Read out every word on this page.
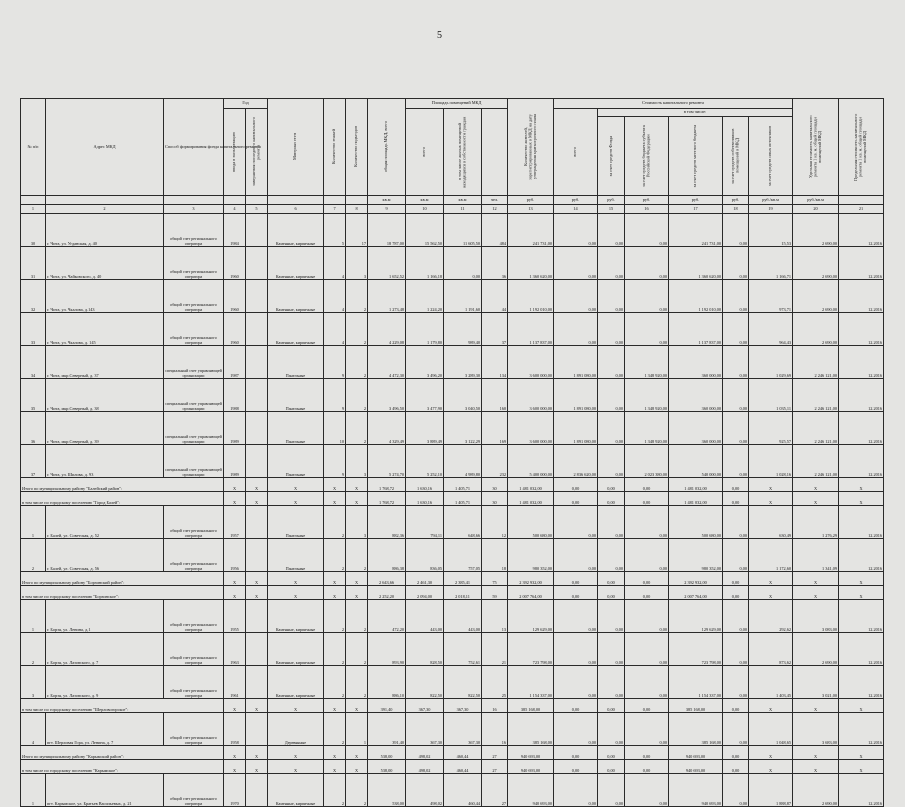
5
№ п/п	Адрес МКД	Способ формирования фонда капитального ремонта	Год		Материал стен	Количество этажей	Количество подъездов	общая площадь МКД, всего	Площадь помещений МКД			Количество жителей, зарегистрированных в МКД на дату утверждения краткосрочного плана	Стоимость капитального ремонта						Удельная стоимость капитального ремонта 1 кв. м. общей площади помещений МКД	Предельная стоимость капитального ремонта 1 кв. м. общей площади помещений МКД

			ввода в эксплуатацию	завершения последнего капитального ремонта					всего	в том числе жилых помещений находящихся в собственности граждан			всего	в том числе:							

														за счет средств Фонда	за счет средств бюджета субъекта Российской Федерации	за счет средств местного бюджета	за счет средств собственников помещений в МКД	за счет средств иных источников			

								кв.м	кв.м	кв.м	чел.	руб.	руб.	руб.	руб.	руб.	руб.	руб./кв.м	руб./кв.м		
1	2	3	4	5	6	7	8	9	10	11	12	13	14	15	16	17	18	19	20	21	
30	г. Чита, ул. Угданская, д. 40	общий счет регионального оператора	1984		Каменные, кирпичные	5	17	18 787,00	15 562,50	11 605,50	484	241 731,00	0,00	0,00	0,00	241 731,00	0,00	15,53	2 690,00	12.2016	
31	г. Чита, ул. Чайковского, д. 40	общий счет регионального оператора	1960		Каменные, кирпичные	4	3	1 652,52	1 166,18	0,00	36	1 360 620,00	0,00	0,00	0,00	1 360 620,00	0,00	1 166,71	2 690,00	12.2016	
32	г. Чита, ул. Чкалова, д.143	общий счет регионального оператора	1960		Каменные, кирпичные	4	2	1 273,48	1 224,20	1 191,60	44	1 192 010,00	0,00	0,00	0,00	1 192 010,00	0,00	973,71	2 690,00	12.2016	
33	г. Чита, ул. Чкалова, д. 145	общий счет регионального оператора	1960		Каменные, кирпичные	4	2	4 229,08	1 179,80	989,40	37	1 137 837,00	0,00	0,00	0,00	1 137 837,00	0,00	964,43	2 690,00	12.2016	
34	г. Чита, мкр.Северный, д. 37	специальный счет управляющей организации	1987		Панельные	9	2	4 472,30	3 496,20	3 289,30	134	3 600 000,00	1 891 080,00	0,00	1 348 920,00	360 000,00	0,00	1 029,69	2 246 121,00	12.2016	
35	г. Чита, мкр.Северный, д. 38	специальный счет управляющей организации	1988		Панельные	9	2	3 496,50	3 477,90	3 040,50	160	3 600 000,00	1 891 080,00	0,00	1 348 920,00	360 000,00	0,00	1 035,11	2 246 121,00	12.2016	
36	г. Чита, мкр.Северный, д. 39	специальный счет управляющей организации	1989		Панельные	10	2	4 329,49	3 889,49	3 122,29	169	3 600 000,00	1 891 080,00	0,00	1 348 920,00	360 000,00	0,00	925,57	2 246 121,00	12.2016	
37	г. Чита, ул. Шилова, д. 93	специальный счет управляющей организации	1989		Панельные	9	3	5 274,70	5 252,10	4 989,80	232	5 400 000,00	2 836 620,00	0,00	2 023 380,00	540 000,00	0,00	1 028,16	2 246 121,00	12.2016	
Итого по муниципальному району "Балейский район":			X	X	X	X	X	1 768,72	1 630,16	1 405,71	30	1 481 032,00	0,00	0,00	0,00	1 481 032,00	0,00	X	X	X	
в том числе по городскому поселению "Город Балей":			X	X	X	X	X	1 768,72	1 630,16	1 405,71	30	1 481 032,00	0,00	0,00	0,00	1 481 032,00	0,00	X	X	X	
1	г. Балей, ул. Советская, д. 52	общий счет регионального оператора	1957		Панельные	2	3	882,36	794,11	648,66	12	500 680,00	0,00	0,00	0,00	500 680,00	0,00	630,49	1 276,29	12.2016	
2	г. Балей, ул. Советская, д. 56	общий счет регионального оператора	1956		Панельные	2	2	886,38	836,05	757,05	18	980 352,00	0,00	0,00	0,00	980 352,00	0,00	1 172,60	1 341,09	12.2016	
Итого по муниципальному району "Борзинский район":			X	X	X	X	X	2 643,66	2 461,30	2 385,41	75	2 392 932,00	0,00	0,00	0,00	2 392 932,00	0,00	X	X	X	
в том числе по городскому поселению "Борзинское":			X	X	X	X	X	2 252,20	2 094,00	2 018,11	59	2 007 764,00	0,00	0,00	0,00	2 007 764,00	0,00	X	X	X	
1	г. Борзя, ул. Ленина, д.1	общий счет регионального оператора	1955		Каменные, кирпичные	2	2	472,20	443,00	443,00	13	129 629,00	0,00	0,00	0,00	129 629,00	0,00	292,62	3 083,00	12.2016	
2	г. Борзя, ул. Лазовского, д. 7	общий счет регионального оператора	1963		Каменные, кирпичные	2	2	893,90	828,50	752,61	21	723 798,00	0,00	0,00	0,00	723 798,00	0,00	873,62	2 690,00	12.2016	
3	г. Борзя, ул. Лазовского, д. 9	общий счет регионального оператора	1961		Каменные, кирпичные	2	2	886,10	822,50	822,50	25	1 154 337,00	0,00	0,00	0,00	1 154 337,00	0,00	1 403,45	3 021,00	12.2016	
в том числе по городскому поселению "Шерловогорское":			X	X	X	X	X	391,40	367,30	367,30	16	385 168,00	0,00	0,00	0,00	385 168,00	0,00	X	X	X	
4	пгт. Шерловая Гора, ул. Ленина, д. 7	общий счет регионального оператора	1958		Деревянные	2	1	391,40	367,30	367,30	16	385 168,00	0,00	0,00	0,00	385 168,00	0,00	1 048,65	3 683,00	12.2016	
Итого по муниципальному району "Карымский район":			X	X	X	X	X	538,00	498,02	460,44	27	940 693,00	0,00	0,00	0,00	940 693,00	0,00	X	X	X	
в том числе по городскому поселению "Карымское":			X	X	X	X	X	538,00	498,02	460,44	27	940 693,00	0,00	0,00	0,00	940 693,00	0,00	X	X	X	
1	пгт. Карымское, ул. Братьев Васильевых, д. 21	общий счет регионального оператора	1970		Каменные, кирпичные	2	2	538,00	498,02	460,44	27	940 693,00	0,00	0,00	0,00	940 693,00	0,00	1 888,87	2 690,00	12.2016	
